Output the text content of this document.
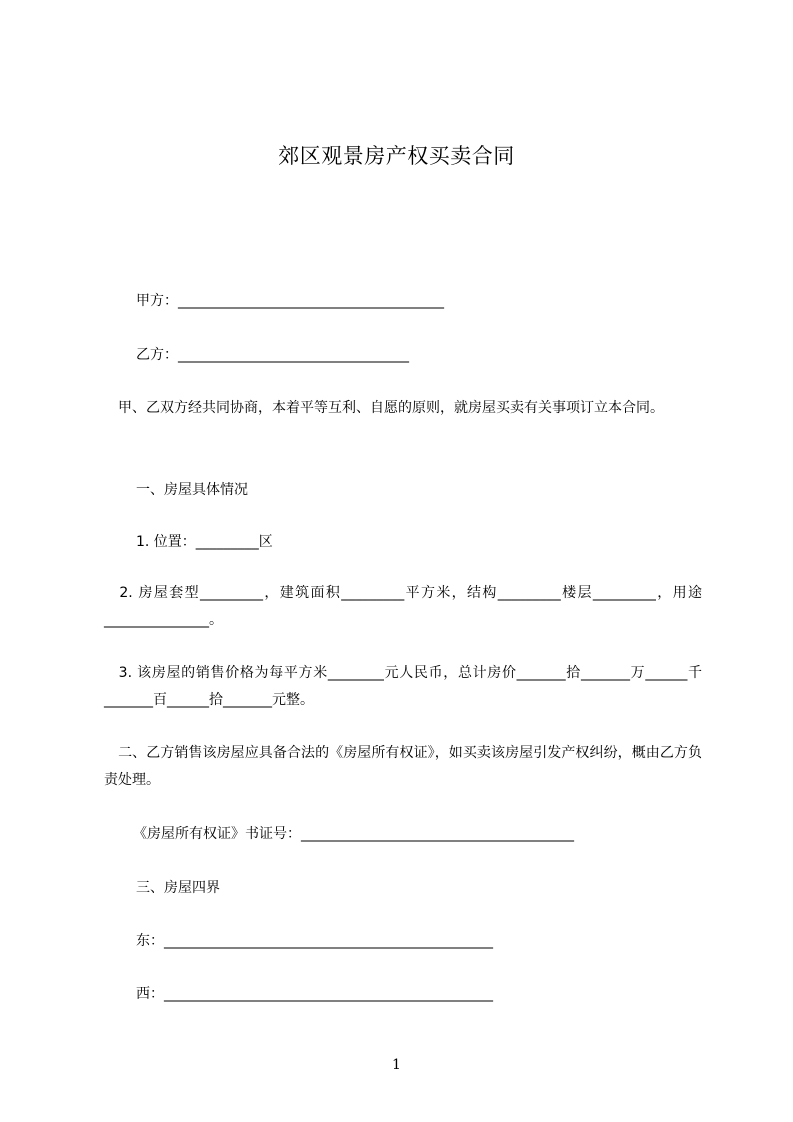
郊区观景房产权买卖合同
甲方：______________________________________
乙方：_________________________________
　甲、乙双方经共同协商，本着平等互利、自愿的原则，就房屋买卖有关事项订立本合同。
一、房屋具体情况
1. 位置：_________区
　2. 房屋套型_________，建筑面积_________平方米，结构_________楼层_________，用途_______________。
　3. 该房屋的销售价格为每平方米________元人民币，总计房价_______拾_______万______千_______百______拾_______元整。
　二、乙方销售该房屋应具备合法的《房屋所有权证》，如买卖该房屋引发产权纠纷，概由乙方负责处理。
《房屋所有权证》书证号：_______________________________________
三、房屋四界
东：_______________________________________________
西：_______________________________________________
1
